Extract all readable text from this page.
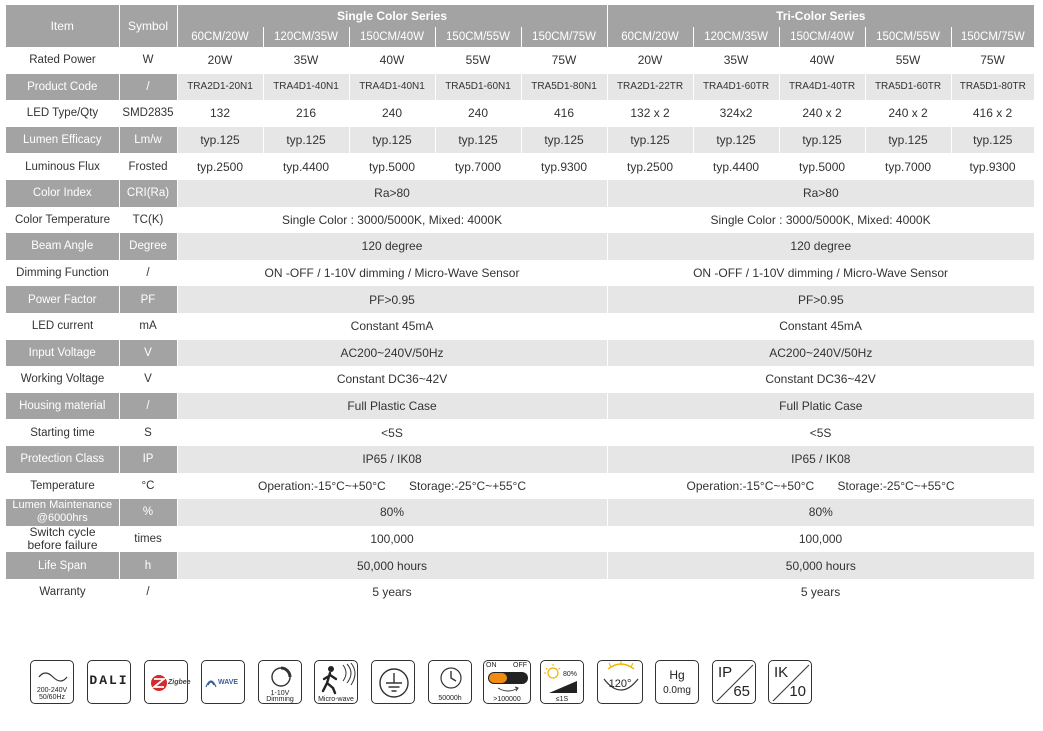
Item	Symbol	Single Color Series					Tri-Color Series				
		60CM/20W	120CM/35W	150CM/40W	150CM/55W	150CM/75W	60CM/20W	120CM/35W	150CM/40W	150CM/55W	150CM/75W
Rated Power	W	20W	35W	40W	55W	75W	20W	35W	40W	55W	75W
Product Code	/	TRA2D1-20N1	TRA4D1-40N1	TRA4D1-40N1	TRA5D1-60N1	TRA5D1-80N1	TRA2D1-22TR	TRA4D1-60TR	TRA4D1-40TR	TRA5D1-60TR	TRA5D1-80TR
LED Type/Qty	SMD2835	132	216	240	240	416	132 x 2	324x2	240 x 2	240 x 2	416 x 2
Lumen Efficacy	Lm/w	typ.125	typ.125	typ.125	typ.125	typ.125	typ.125	typ.125	typ.125	typ.125	typ.125
Luminous Flux	Frosted	typ.2500	typ.4400	typ.5000	typ.7000	typ.9300	typ.2500	typ.4400	typ.5000	typ.7000	typ.9300
Color Index	CRI(Ra)	Ra>80					Ra>80				
Color Temperature	TC(K)	Single Color : 3000/5000K, Mixed: 4000K					Single Color : 3000/5000K, Mixed: 4000K				
Beam Angle	Degree	120 degree					120 degree				
Dimming Function	/	ON -OFF / 1-10V dimming / Micro-Wave Sensor					ON -OFF / 1-10V dimming / Micro-Wave Sensor				
Power Factor	PF	PF>0.95					PF>0.95				
LED current	mA	Constant 45mA					Constant 45mA				
Input Voltage	V	AC200~240V/50Hz					AC200~240V/50Hz				
Working Voltage	V	Constant DC36~42V					Constant DC36~42V				
Housing material	/	Full Plastic Case					Full Platic Case				
Starting time	S	<5S					<5S				
Protection Class	IP	IP65 / IK08					IP65 / IK08				
Temperature	°C	Operation:-15°C~+50°C       Storage:-25°C~+55°C					Operation:-15°C~+50°C       Storage:-25°C~+55°C				
Lumen Maintenance
@6000hrs	%	80%					80%				
Switch cycle
before failure	times	100,000					100,000				
Life Span	h	50,000 hours					50,000 hours				
Warranty	/	5 years					5 years				
200-240V
50/60Hz
DALI	Zigbee	WAVE
1-10V
Dimming	Micro-wave	50000h
ON OFF
>100000
80%
≤1S
120°
Hg
0.0mg
IP
65
IK
10
